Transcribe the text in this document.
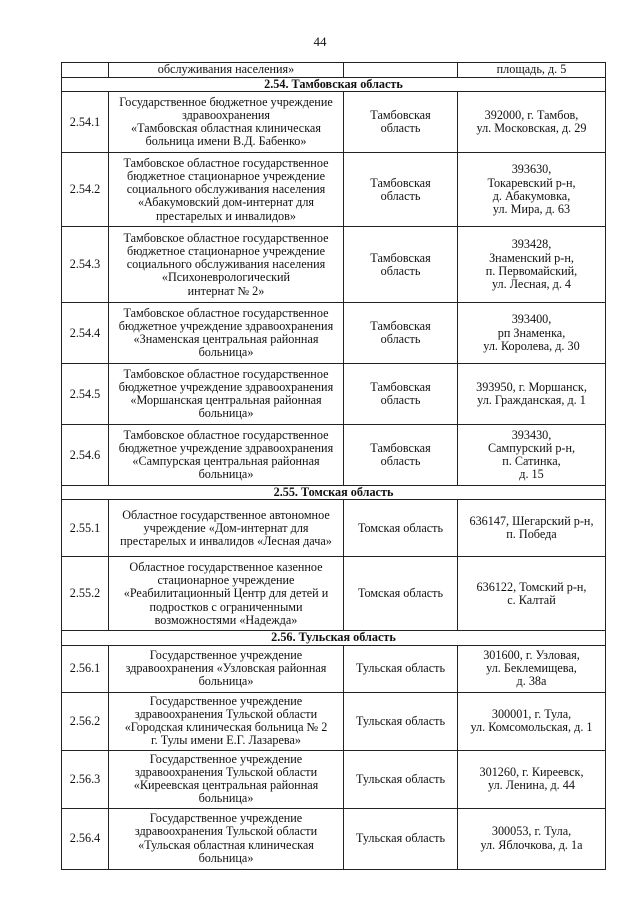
44
	обслуживания населения»		площадь, д. 5
2.54. Тамбовская область			
2.54.1	Государственное бюджетное учреждение
здравоохранения
«Тамбовская областная клиническая
больница имени В.Д. Бабенко»	Тамбовская
область	392000, г. Тамбов,
ул. Московская, д. 29
2.54.2	Тамбовское областное государственное
бюджетное стационарное учреждение
социального обслуживания населения
«Абакумовский дом-интернат для
престарелых и инвалидов»	Тамбовская
область	393630,
Токаревский р-н,
д. Абакумовка,
ул. Мира, д. 63
2.54.3	Тамбовское областное государственное
бюджетное стационарное учреждение
социального обслуживания населения
«Психоневрологический
интернат № 2»	Тамбовская
область	393428,
Знаменский р-н,
п. Первомайский,
ул. Лесная, д. 4
2.54.4	Тамбовское областное государственное
бюджетное учреждение здравоохранения
«Знаменская центральная районная
больница»	Тамбовская
область	393400,
рп Знаменка,
ул. Королева, д. 30
2.54.5	Тамбовское областное государственное
бюджетное учреждение здравоохранения
«Моршанская центральная районная
больница»	Тамбовская
область	393950, г. Моршанск,
ул. Гражданская, д. 1
2.54.6	Тамбовское областное государственное
бюджетное учреждение здравоохранения
«Сампурская центральная районная
больница»	Тамбовская
область	393430,
Сампурский р-н,
п. Сатинка,
д. 15
2.55. Томская область			
2.55.1	Областное государственное автономное
учреждение «Дом-интернат для
престарелых и инвалидов «Лесная дача»	Томская область	636147, Шегарский р-н,
п. Победа
2.55.2	Областное государственное казенное
стационарное учреждение
«Реабилитационный Центр для детей и
подростков с ограниченными
возможностями «Надежда»	Томская область	636122, Томский р-н,
с. Калтай
2.56. Тульская область			
2.56.1	Государственное учреждение
здравоохранения «Узловская районная
больница»	Тульская область	301600, г. Узловая,
ул. Беклемищева,
д. 38а
2.56.2	Государственное учреждение
здравоохранения Тульской области
«Городская клиническая больница № 2
г. Тулы имени Е.Г. Лазарева»	Тульская область	300001, г. Тула,
ул. Комсомольская, д. 1
2.56.3	Государственное учреждение
здравоохранения Тульской области
«Киреевская центральная районная
больница»	Тульская область	301260, г. Киреевск,
ул. Ленина, д. 44
2.56.4	Государственное учреждение
здравоохранения Тульской области
«Тульская областная клиническая
больница»	Тульская область	300053, г. Тула,
ул. Яблочкова, д. 1а
